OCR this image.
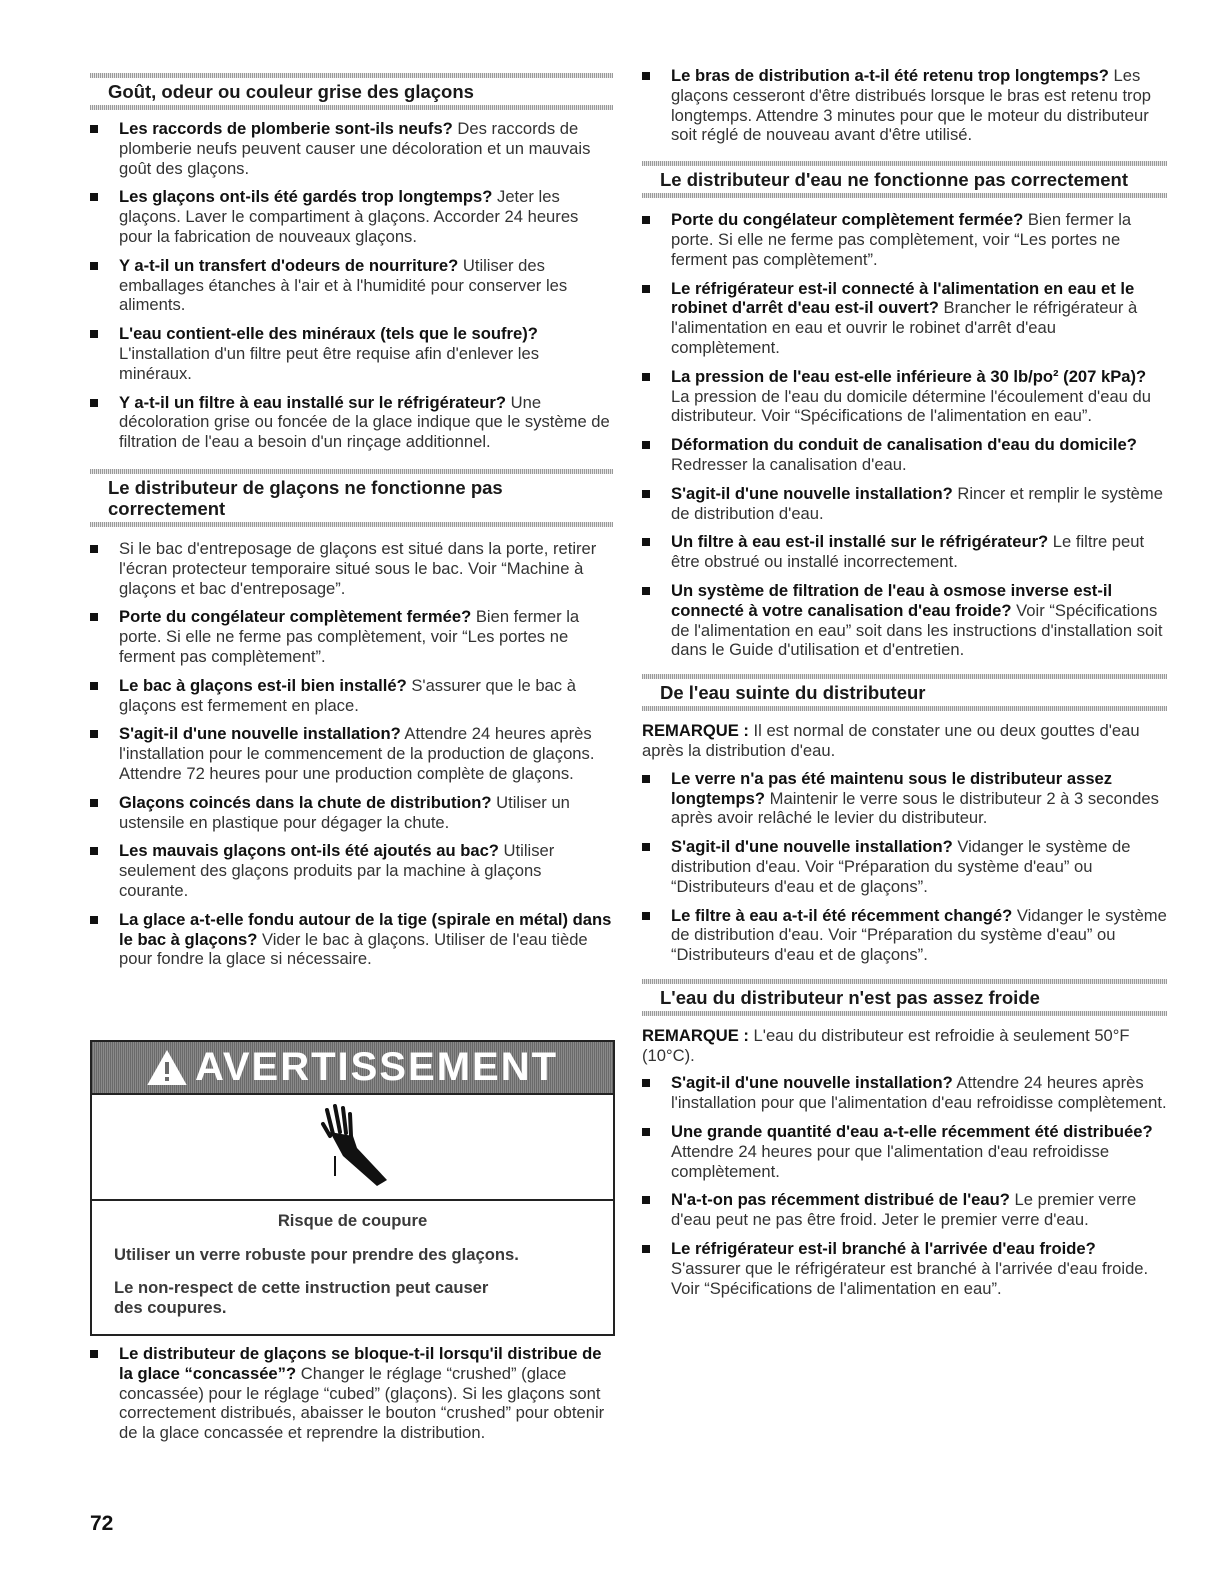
Goût, odeur ou couleur grise des glaçons
Les raccords de plomberie sont-ils neufs? Des raccords de plomberie neufs peuvent causer une décoloration et un mauvais goût des glaçons.
Les glaçons ont-ils été gardés trop longtemps? Jeter les glaçons. Laver le compartiment à glaçons. Accorder 24 heures pour la fabrication de nouveaux glaçons.
Y a-t-il un transfert d'odeurs de nourriture? Utiliser des emballages étanches à l'air et à l'humidité pour conserver les aliments.
L'eau contient-elle des minéraux (tels que le soufre)? L'installation d'un filtre peut être requise afin d'enlever les minéraux.
Y a-t-il un filtre à eau installé sur le réfrigérateur? Une décoloration grise ou foncée de la glace indique que le système de filtration de l'eau a besoin d'un rinçage additionnel.
Le distributeur de glaçons ne fonctionne pas
correctement
Si le bac d'entreposage de glaçons est situé dans la porte, retirer l'écran protecteur temporaire situé sous le bac. Voir “Machine à glaçons et bac d'entreposage”.
Porte du congélateur complètement fermée? Bien fermer la porte. Si elle ne ferme pas complètement, voir “Les portes ne ferment pas complètement”.
Le bac à glaçons est-il bien installé? S'assurer que le bac à glaçons est fermement en place.
S'agit-il d'une nouvelle installation? Attendre 24 heures après l'installation pour le commencement de la production de glaçons. Attendre 72 heures pour une production complète de glaçons.
Glaçons coincés dans la chute de distribution? Utiliser un ustensile en plastique pour dégager la chute.
Les mauvais glaçons ont-ils été ajoutés au bac? Utiliser seulement des glaçons produits par la machine à glaçons courante.
La glace a-t-elle fondu autour de la tige (spirale en métal) dans le bac à glaçons? Vider le bac à glaçons. Utiliser de l'eau tiède pour fondre la glace si nécessaire.
AVERTISSEMENT
Risque de coupure
Utiliser un verre robuste pour prendre des glaçons.
Le non-respect de cette instruction peut causer
des coupures.
Le distributeur de glaçons se bloque-t-il lorsqu'il distribue de la glace “concassée”? Changer le réglage “crushed” (glace concassée) pour le réglage “cubed” (glaçons). Si les glaçons sont correctement distribués, abaisser le bouton “crushed” pour obtenir de la glace concassée et reprendre la distribution.
Le bras de distribution a-t-il été retenu trop longtemps? Les glaçons cesseront d'être distribués lorsque le bras est retenu trop longtemps. Attendre 3 minutes pour que le moteur du distributeur soit réglé de nouveau avant d'être utilisé.
Le distributeur d'eau ne fonctionne pas correctement
Porte du congélateur complètement fermée? Bien fermer la porte. Si elle ne ferme pas complètement, voir “Les portes ne ferment pas complètement”.
Le réfrigérateur est-il connecté à l'alimentation en eau et le robinet d'arrêt d'eau est-il ouvert? Brancher le réfrigérateur à l'alimentation en eau et ouvrir le robinet d'arrêt d'eau complètement.
La pression de l'eau est-elle inférieure à 30 lb/po² (207 kPa)? La pression de l'eau du domicile détermine l'écoulement d'eau du distributeur. Voir “Spécifications de l'alimentation en eau”.
Déformation du conduit de canalisation d'eau du domicile? Redresser la canalisation d'eau.
S'agit-il d'une nouvelle installation? Rincer et remplir le système de distribution d'eau.
Un filtre à eau est-il installé sur le réfrigérateur? Le filtre peut être obstrué ou installé incorrectement.
Un système de filtration de l'eau à osmose inverse est-il connecté à votre canalisation d'eau froide? Voir “Spécifications de l'alimentation en eau” soit dans les instructions d'installation soit dans le Guide d'utilisation et d'entretien.
De l'eau suinte du distributeur
REMARQUE : Il est normal de constater une ou deux gouttes d'eau après la distribution d'eau.
Le verre n'a pas été maintenu sous le distributeur assez longtemps? Maintenir le verre sous le distributeur 2 à 3 secondes après avoir relâché le levier du distributeur.
S'agit-il d'une nouvelle installation? Vidanger le système de distribution d'eau. Voir “Préparation du système d'eau” ou “Distributeurs d'eau et de glaçons”.
Le filtre à eau a-t-il été récemment changé? Vidanger le système de distribution d'eau. Voir “Préparation du système d'eau” ou “Distributeurs d'eau et de glaçons”.
L'eau du distributeur n'est pas assez froide
REMARQUE : L'eau du distributeur est refroidie à seulement 50°F (10°C).
S'agit-il d'une nouvelle installation? Attendre 24 heures après l'installation pour que l'alimentation d'eau refroidisse complètement.
Une grande quantité d'eau a-t-elle récemment été distribuée? Attendre 24 heures pour que l'alimentation d'eau refroidisse complètement.
N'a-t-on pas récemment distribué de l'eau? Le premier verre d'eau peut ne pas être froid. Jeter le premier verre d'eau.
Le réfrigérateur est-il branché à l'arrivée d'eau froide? S'assurer que le réfrigérateur est branché à l'arrivée d'eau froide. Voir “Spécifications de l'alimentation en eau”.
72
